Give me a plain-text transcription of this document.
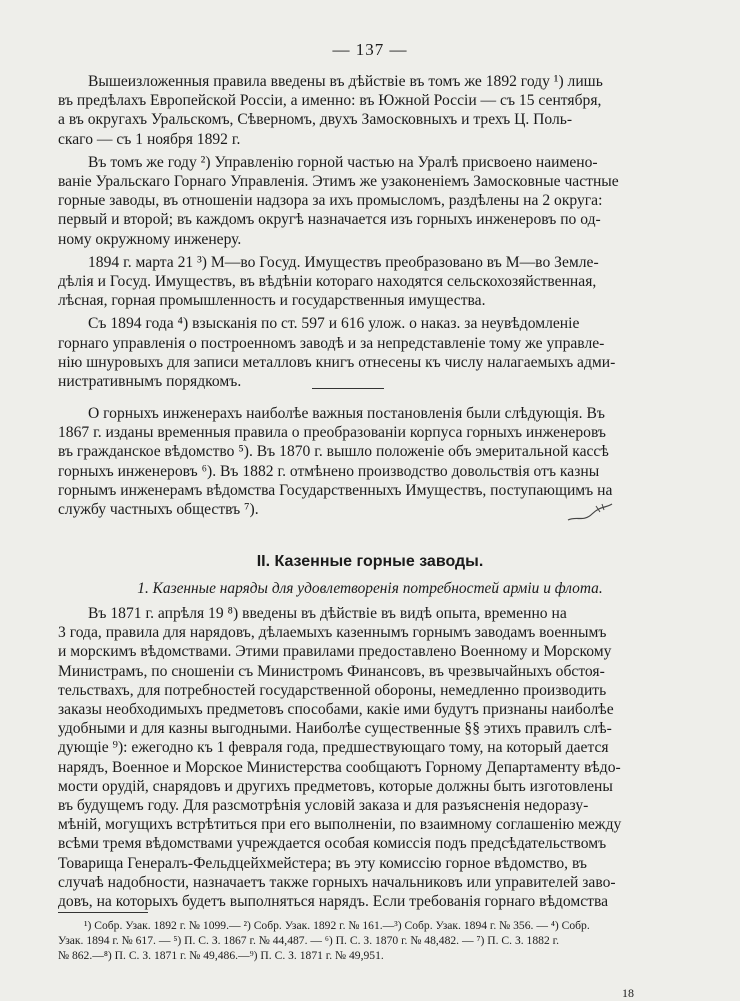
— 137 —
Вышеизложенныя правила введены въ дѣйствіе въ томъ же 1892 году ¹) лишь
въ предѣлахъ Европейской Россіи, а именно: въ Южной Россіи — съ 15 сентября,
а въ округахъ Уральскомъ, Сѣверномъ, двухъ Замосковныхъ и трехъ Ц. Поль-
скаго — съ 1 ноября 1892 г.
Въ томъ же году ²) Управленію горной частью на Уралѣ присвоено наимено-
ваніе Уральскаго Горнаго Управленія. Этимъ же узаконеніемъ Замосковные частные
горные заводы, въ отношеніи надзора за ихъ промысломъ, раздѣлены на 2 округа:
первый и второй; въ каждомъ округѣ назначается изъ горныхъ инженеровъ по од-
ному окружному инженеру.
1894 г. марта 21 ³) М—во Госуд. Имуществъ преобразовано въ М—во Земле-
дѣлія и Госуд. Имуществъ, въ вѣдѣніи котораго находятся сельскохозяйственная,
лѣсная, горная промышленность и государственныя имущества.
Съ 1894 года ⁴) взысканія по ст. 597 и 616 улож. о наказ. за неувѣдомленіе
горнаго управленія о построенномъ заводѣ и за непредставленіе тому же управле-
нію шнуровыхъ для записи металловъ книгъ отнесены къ числу налагаемыхъ адми-
нистративнымъ порядкомъ.
О горныхъ инженерахъ наиболѣе важныя постановленія были слѣдующія. Въ
1867 г. изданы временныя правила о преобразованіи корпуса горныхъ инженеровъ
въ гражданское вѣдомство ⁵). Въ 1870 г. вышло положеніе объ эмеритальной кассѣ
горныхъ инженеровъ ⁶). Въ 1882 г. отмѣнено производство довольствія отъ казны
горнымъ инженерамъ вѣдомства Государственныхъ Имуществъ, поступающимъ на
службу частныхъ обществъ ⁷).
II. Казенные горные заводы.
1. Казенные наряды для удовлетворенія потребностей арміи и флота.
Въ 1871 г. апрѣля 19 ⁸) введены въ дѣйствіе въ видѣ опыта, временно на
3 года, правила для нарядовъ, дѣлаемыхъ казеннымъ горнымъ заводамъ военнымъ
и морскимъ вѣдомствами. Этими правилами предоставлено Военному и Морскому
Министрамъ, по сношеніи съ Министромъ Финансовъ, въ чрезвычайныхъ обстоя-
тельствахъ, для потребностей государственной обороны, немедленно производить
заказы необходимыхъ предметовъ способами, какіе ими будутъ признаны наиболѣе
удобными и для казны выгодными. Наиболѣе существенные §§ этихъ правилъ слѣ-
дующіе ⁹): ежегодно къ 1 февраля года, предшествующаго тому, на который дается
нарядъ, Военное и Морское Министерства сообщаютъ Горному Департаменту вѣдо-
мости орудій, снарядовъ и другихъ предметовъ, которые должны быть изготовлены
въ будущемъ году. Для разсмотрѣнія условій заказа и для разъясненія недоразу-
мѣній, могущихъ встрѣтиться при его выполненіи, по взаимному соглашенію между
всѣми тремя вѣдомствами учреждается особая комиссія подъ предсѣдательствомъ
Товарища Генералъ-Фельдцейхмейстера; въ эту комиссію горное вѣдомство, въ
случаѣ надобности, назначаетъ также горныхъ начальниковъ или управителей заво-
довъ, на которыхъ будетъ выполняться нарядъ. Если требованія горнаго вѣдомства
¹) Собр. Узак. 1892 г. № 1099.— ²) Собр. Узак. 1892 г. № 161.—³) Собр. Узак. 1894 г. № 356. — ⁴) Собр.
Узак. 1894 г. № 617. — ⁵) П. С. З. 1867 г. № 44,487. — ⁶) П. С. З. 1870 г. № 48,482. — ⁷) П. С. З. 1882 г.
№ 862.—⁸) П. С. З. 1871 г. № 49,486.—⁹) П. С. З. 1871 г. № 49,951.
18
